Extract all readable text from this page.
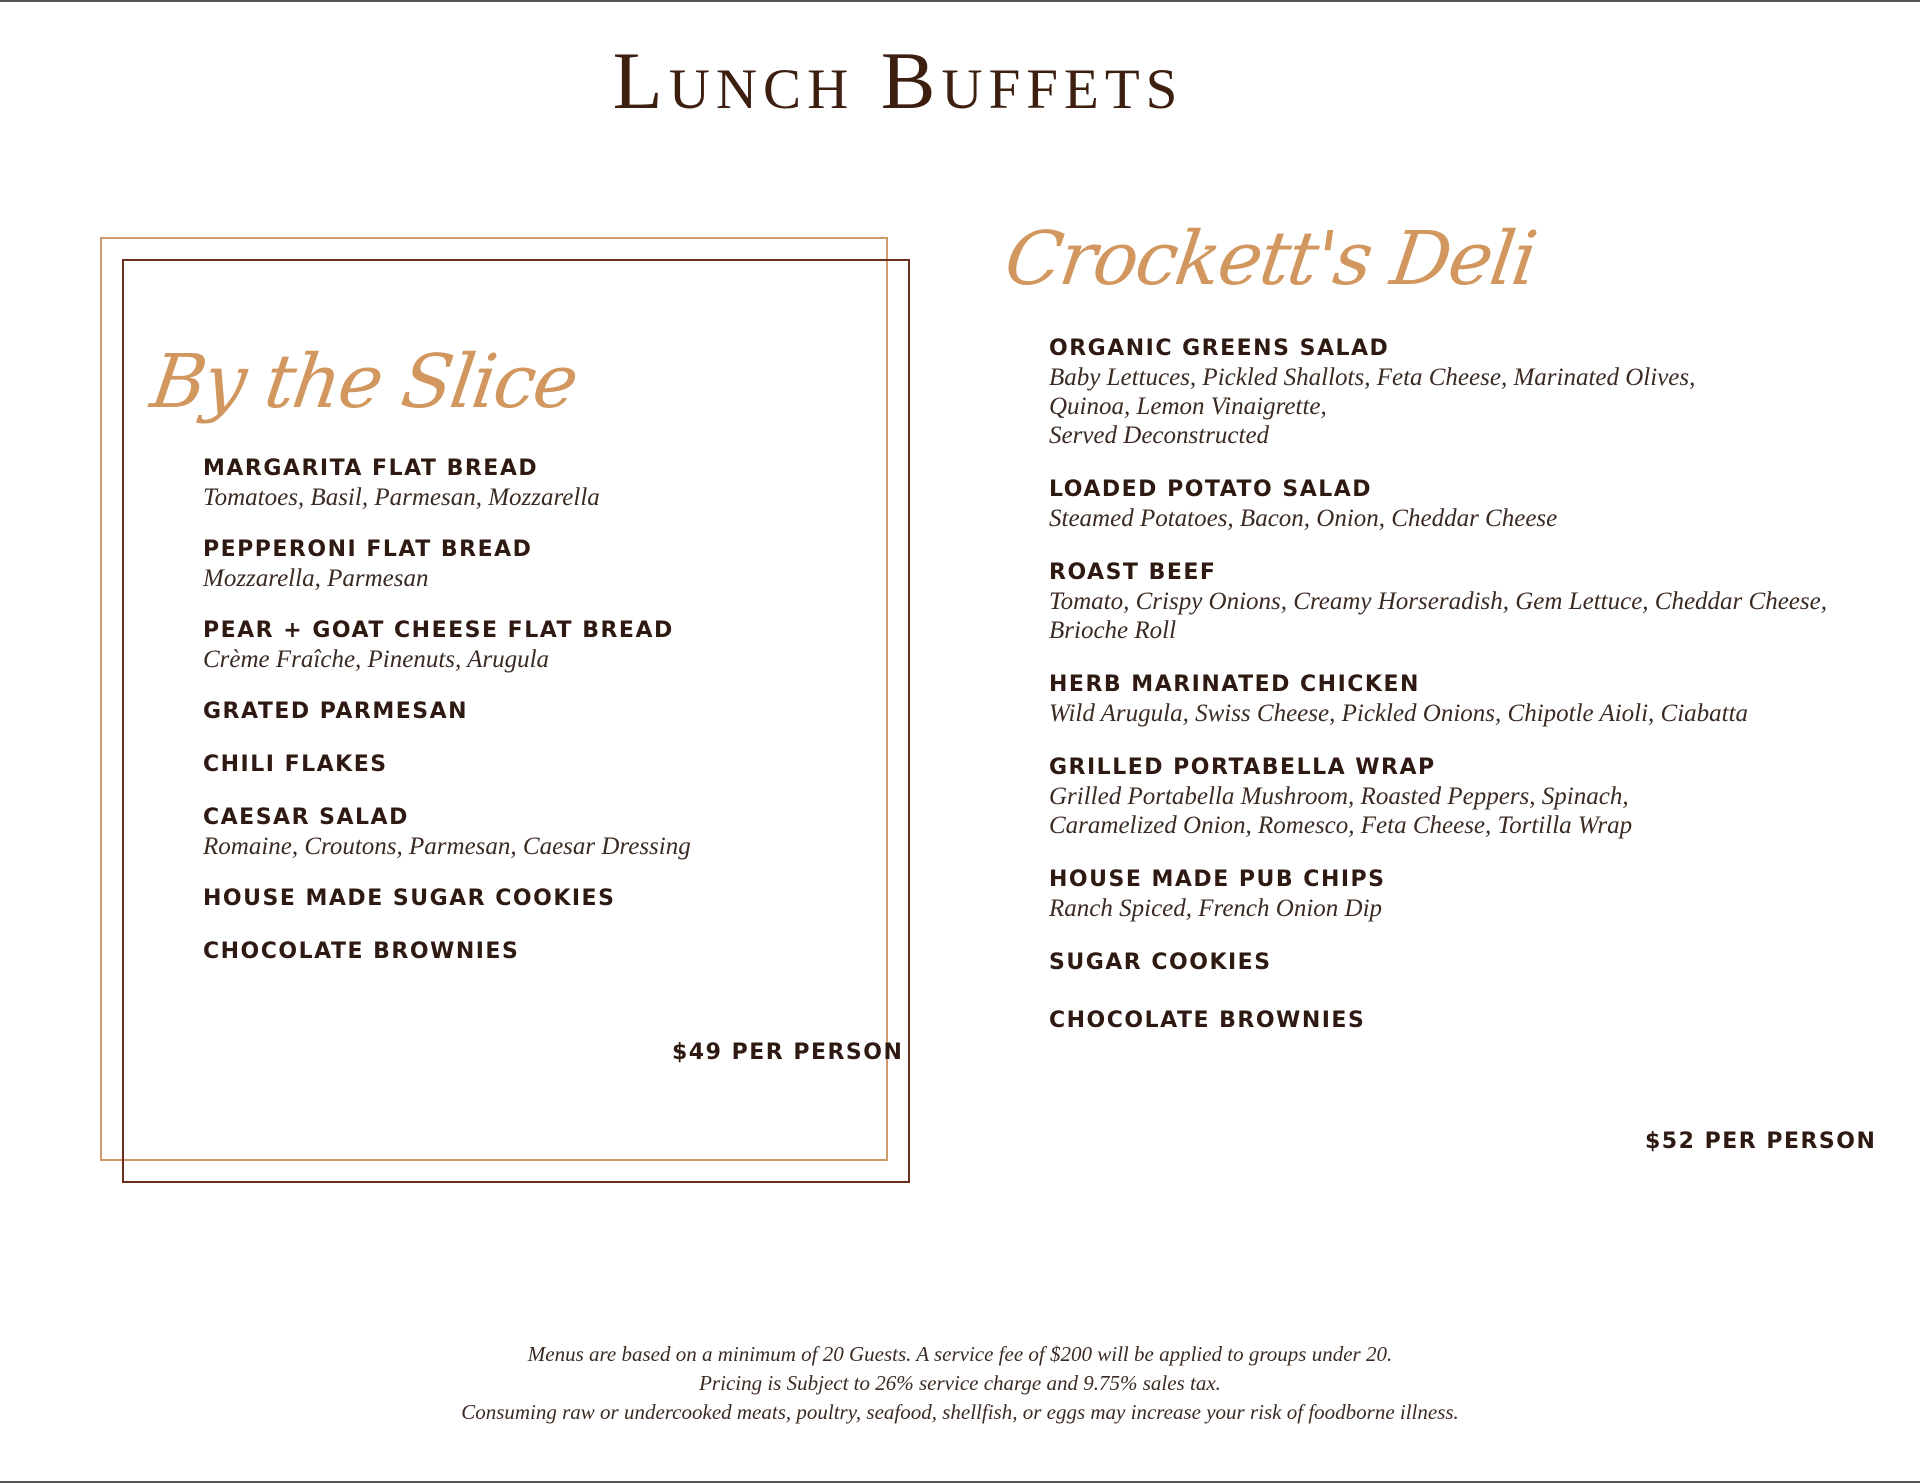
Lunch Buffets
By the Slice
MARGARITA FLAT BREAD
Tomatoes, Basil, Parmesan, Mozzarella
PEPPERONI FLAT BREAD
Mozzarella, Parmesan
PEAR + GOAT CHEESE FLAT BREAD
Crème Fraîche, Pinenuts, Arugula
GRATED PARMESAN
CHILI FLAKES
CAESAR SALAD
Romaine, Croutons, Parmesan, Caesar Dressing
HOUSE MADE SUGAR COOKIES
CHOCOLATE BROWNIES
$49 PER PERSON
Crockett's Deli
ORGANIC GREENS SALAD
Baby Lettuces, Pickled Shallots, Feta Cheese, Marinated Olives,
Quinoa, Lemon Vinaigrette,
Served Deconstructed
LOADED POTATO SALAD
Steamed Potatoes, Bacon, Onion, Cheddar Cheese
ROAST BEEF
Tomato, Crispy Onions, Creamy Horseradish, Gem Lettuce, Cheddar Cheese,
Brioche Roll
HERB MARINATED CHICKEN
Wild Arugula, Swiss Cheese, Pickled Onions, Chipotle Aioli, Ciabatta
GRILLED PORTABELLA WRAP
Grilled Portabella Mushroom, Roasted Peppers, Spinach,
Caramelized Onion, Romesco, Feta Cheese, Tortilla Wrap
HOUSE MADE PUB CHIPS
Ranch Spiced, French Onion Dip
SUGAR COOKIES
CHOCOLATE BROWNIES
$52 PER PERSON
Menus are based on a minimum of 20 Guests. A service fee of $200 will be applied to groups under 20.
Pricing is Subject to 26% service charge and 9.75% sales tax.
Consuming raw or undercooked meats, poultry, seafood, shellfish, or eggs may increase your risk of foodborne illness.
